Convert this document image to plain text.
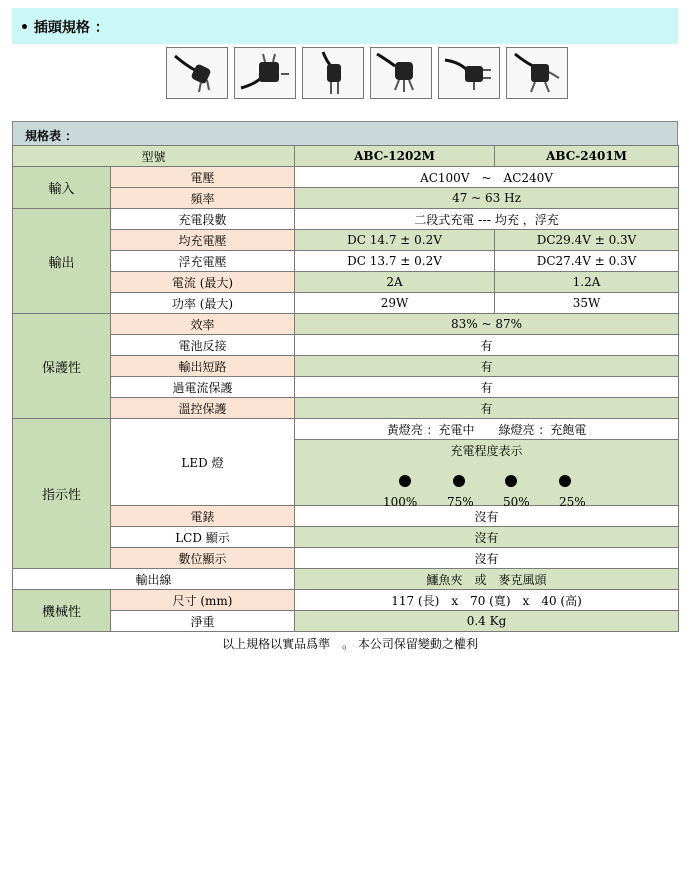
• 插頭規格 ：
規格表 ：
型號		ABC-1202M	ABC-2401M
輸入	電壓	AC100V　~　AC240V	
	頻率	47 ~ 63 Hz	
輸出	充電段數	二段式充電 --- 均充 ，浮充	
	均充電壓	DC 14.7 ± 0.2V	DC29.4V ± 0.3V
	浮充電壓	DC 13.7 ± 0.2V	DC27.4V ± 0.3V
	電流 (最大)	2A	1.2A
	功率 (最大)	29W	35W
保護性	效率	83% ~ 87%	
	電池反接	有	
	輸出短路	有	
	過電流保護	有	
	溫控保護	有	
指示性	LED 燈	黃燈亮 ：充電中　　綠燈亮 ：充飽電	

		充電程度表示
100% 75% 50% 25%	

	電錶	沒有	
	LCD 顯示	沒有	
	數位顯示	沒有	
輸出線		鱷魚夾　或　麥克風頭	
機械性	尺寸 (mm)	117 (長)　x　70 (寬)　x　40 (高)	
	淨重	0.4 Kg	
以上規格以實品爲準　。 本公司保留變動之權利
